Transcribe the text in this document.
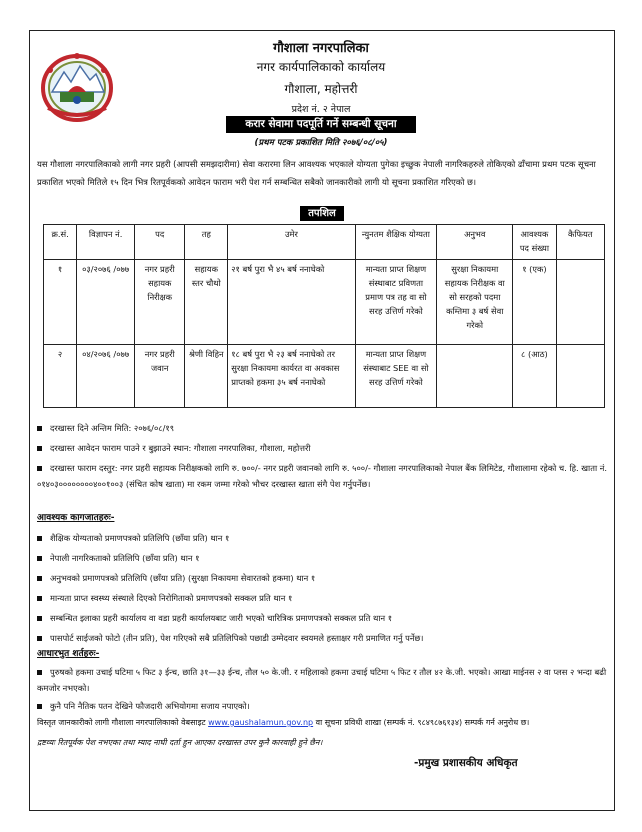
गौशाला नगरपालिका
नगर कार्यपालिकाको कार्यालय
गौशाला, महोत्तरी
प्रदेश नं. २ नेपाल
करार सेवामा पदपूर्ति गर्ने सम्बन्धी सूचना
(प्रथम पटक प्रकाशित मिति २०७६/०८/०५)
यस गौशाला नगरपालिकाको लागी नगर प्रहरी (आपसी समझदारीमा) सेवा करारमा लिन आवश्यक भएकाले योग्यता पुगेका इच्छुक नेपाली नागरिकहरुले तोकिएको ढाँचामा प्रथम पटक सूचना प्रकाशित भएको मितिले १५ दिन भित्र रितपूर्वकको आवेदन फाराम भरी पेश गर्न सम्बन्धित सबैको जानकारीको लागी यो सूचना प्रकाशित गरिएको छ।
तपशिल
क्र.सं.	विज्ञापन नं.	पद	तह	उमेर	न्युनतम शैक्षिक योग्यता	अनुभव	आवश्यक पद संख्या	कैफियत
१	०३/२०७६ /०७७	नगर प्रहरी सहायक निरीक्षक	सहायक स्तर चौथो	२१ बर्ष पुरा भै ४५ बर्ष ननाघेको	मान्यता प्राप्त शिक्षण संस्थाबाट प्रविणता प्रमाण पत्र तह वा सो सरह उत्तिर्ण गरेको	सुरक्षा निकायमा सहायक निरीक्षक वा सो सरहको पदमा कम्तिमा ३ बर्ष सेवा गरेको	१ (एक)	
२	०४/२०७६ /०७७	नगर प्रहरी जवान	श्रेणी विहिन	१८ बर्ष पुरा भै २३ बर्ष ननाघेको तर सुरक्षा निकायमा कार्यरत वा अवकास प्राप्तको हकमा ३५ बर्ष ननाघेको	मान्यता प्राप्त शिक्षण संस्थाबाट SEE वा सो सरह उत्तिर्ण गरेको		८ (आठ)	
दरखास्त दिने अन्तिम मिति: २०७६/०८/१९
दरखास्त आवेदन फाराम पाउने र बुझाउने स्थान: गौशाला नगरपालिका, गौशाला, महोत्तरी
दरखास्त फाराम दस्तुर: नगर प्रहरी सहायक निरीक्षकको लागि रु. ७००/- नगर प्रहरी जवानको लागि रु. ५००/- गौशाला नगरपालिकाको नेपाल बैंक लिमिटेड, गौशालामा रहेको च. हि. खाता नं. ०१४०३००००००००४००१००३ (संचित कोष खाता) मा रकम जम्मा गरेको भौचर दरखास्त खाता संगै पेश गर्नुपर्नेछ।
आवश्यक कागजातहरुः-
शैक्षिक योग्यताको प्रमाणपत्रको प्रतिलिपि (छाँया प्रति) थान १
नेपाली नागरिकताको प्रतिलिपि (छाँया प्रति) थान १
अनुभवको प्रमाणपत्रको प्रतिलिपि (छाँया प्रति) (सुरक्षा निकायमा सेवारतको हकमा) थान १
मान्यता प्राप्त स्वस्थ्य संस्थाले दिएको निरोगिताको प्रमाणपत्रको सक्कल प्रति थान १
सम्बन्धित इलाका प्रहरी कार्यालय वा वडा प्रहरी कार्यालयबाट जारी भएको चारित्रिक प्रमाणपत्रको सक्कल प्रति थान १
पासपोर्ट साईजको फोटो (तीन प्रति), पेश गरिएको सबै प्रतिलिपिको पछाडी उम्मेदवार स्वयमले हस्ताक्षर गरी प्रमाणित गर्नु पर्नेछ।
आधारभुत शर्तहरुः-
पुरुषको हकमा उचाई घटिमा ५ फिट ३ ईन्च, छाति ३१—३३ ईन्च, तौल ५० के.जी. र महिलाको हकमा उचाई घटिमा ५ फिट र तौल ४२ के.जी. भएको। आखा माईनस २ वा प्लस २ भन्दा बढी कमजोर नभएको।
कुनै पनि नैतिक पतन देखिने फौजदारी अभियोगमा सजाय नपाएको।
विस्तृत जानकारीको लागी गौशाला नगरपालिकाको वेबसाइट www.gaushalamun.gov.np वा सूचना प्रविधी शाखा (सम्पर्क नं. ९८४९८७६१३४) सम्पर्क गर्न अनुरोध छ।
द्रष्टव्यः रितपूर्वक पेश नभएका तथा म्याद नाघी दर्ता हुन आएका दरखास्त उपर कुनै कारवाही हुने छैन।
-प्रमुख प्रशासकीय अधिकृत
